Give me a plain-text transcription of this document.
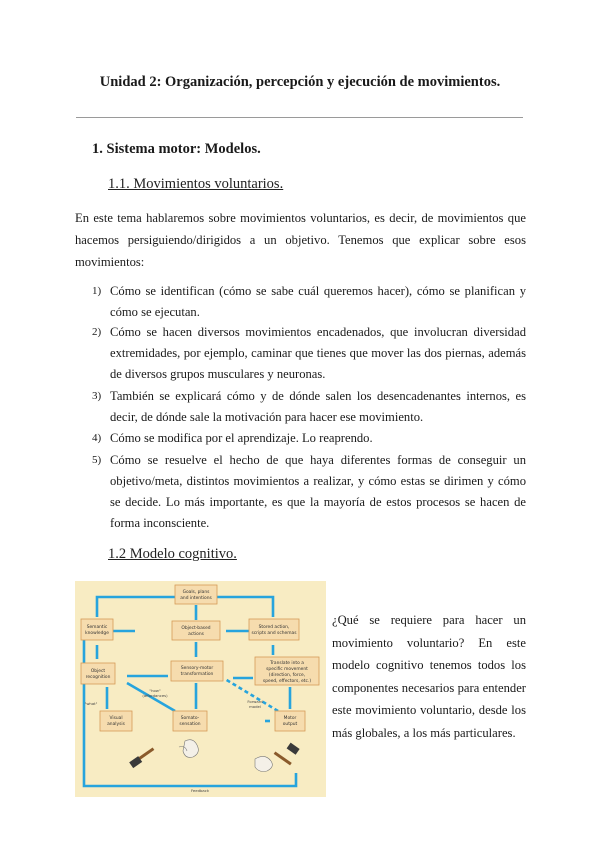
Unidad 2: Organización, percepción y ejecución de movimientos.
1. Sistema motor: Modelos.
1.1. Movimientos voluntarios.

En este tema hablaremos sobre movimientos voluntarios, es decir, de movimientos que hacemos persiguiendo/dirigidos a un objetivo. Tenemos que explicar sobre esos movimientos:

1) Cómo se identifican (cómo se sabe cuál queremos hacer), cómo se planifican y cómo se ejecutan.
2) Cómo se hacen diversos movimientos encadenados, que involucran diversidad extremidades, por ejemplo, caminar que tienes que mover las dos piernas, además de diversos grupos musculares y neuronas.
3) También se explicará cómo y de dónde salen los desencadenantes internos, es decir, de dónde sale la motivación para hacer ese movimiento.
4) Cómo se modifica por el aprendizaje. Lo reaprendo.
5) Cómo se resuelve el hecho de que haya diferentes formas de conseguir un objetivo/meta, distintos movimientos a realizar, y cómo estas se dirimen y cómo se decide. Lo más importante, es que la mayoría de estos procesos se hacen de forma inconsciente.
1.2 Modelo cognitivo.
Goals, plans
and intentions
Semantic
knowledge
Object-based
actions
Stored action,
scripts and schemas
Object
recognition
Sensory-motor
transformation
Translate into a
specific movement
(direction, force,
speed, effectors, etc.)
Visual
analysis
Somato-
sensation
Motor
output
"how"
(affordances)
"what"	Forward
model
Feedback
¿Qué se requiere para hacer un movimiento voluntario? En este modelo cognitivo tenemos todos los componentes necesarios para entender este movimiento voluntario, desde los más globales, a los más particulares.
